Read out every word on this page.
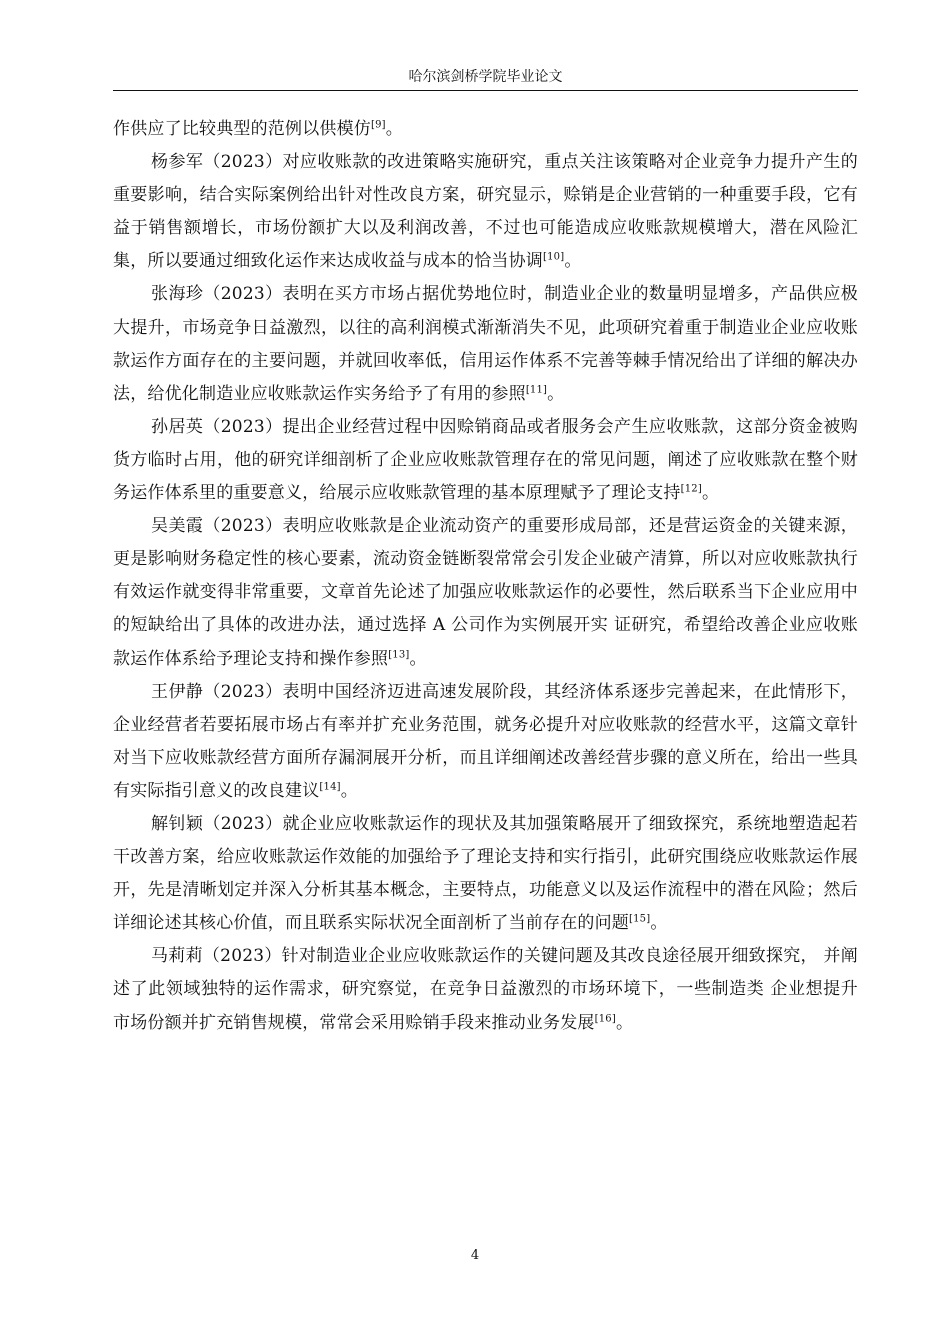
哈尔滨剑桥学院毕业论文

作供应了比较典型的范例以供模仿[9]。

杨参军（2023）对应收账款的改进策略实施研究，重点关注该策略对企业竞争力提升产生的重要影响，结合实际案例给出针对性改良方案，研究显示，赊销是企业营销的一种重要手段，它有益于销售额增长，市场份额扩大以及利润改善，不过也可能造成应收账款规模增大，潜在风险汇集，所以要通过细致化运作来达成收益与成本的恰当协调[10]。

张海珍（2023）表明在买方市场占据优势地位时，制造业企业的数量明显增多，产品供应极大提升，市场竞争日益激烈，以往的高利润模式渐渐消失不见，此项研究着重于制造业企业应收账款运作方面存在的主要问题，并就回收率低，信用运作体系不完善等棘手情况给出了详细的解决办法，给优化制造业应收账款运作实务给予了有用的参照[11]。

孙居英（2023）提出企业经营过程中因赊销商品或者服务会产生应收账款，这部分资金被购货方临时占用，他的研究详细剖析了企业应收账款管理存在的常见问题，阐述了应收账款在整个财务运作体系里的重要意义，给展示应收账款管理的基本原理赋予了理论支持[12]。

吴美霞（2023）表明应收账款是企业流动资产的重要形成局部，还是营运资金的关键来源，更是影响财务稳定性的核心要素，流动资金链断裂常常会引发企业破产清算，所以对应收账款执行有效运作就变得非常重要，文章首先论述了加强应收账款运作的必要性，然后联系当下企业应用中的短缺给出了具体的改进办法，通过选择 A 公司作为实例展开实 证研究，希望给改善企业应收账款运作体系给予理论支持和操作参照[13]。

王伊静（2023）表明中国经济迈进高速发展阶段，其经济体系逐步完善起来，在此情形下，企业经营者若要拓展市场占有率并扩充业务范围，就务必提升对应收账款的经营水平，这篇文章针对当下应收账款经营方面所存漏洞展开分析，而且详细阐述改善经营步骤的意义所在，给出一些具有实际指引意义的改良建议[14]。

解钊颖（2023）就企业应收账款运作的现状及其加强策略展开了细致探究，系统地塑造起若干改善方案，给应收账款运作效能的加强给予了理论支持和实行指引，此研究围绕应收账款运作展开，先是清晰划定并深入分析其基本概念，主要特点，功能意义以及运作流程中的潜在风险；然后详细论述其核心价值，而且联系实际状况全面剖析了当前存在的问题[15]。

马莉莉（2023）针对制造业企业应收账款运作的关键问题及其改良途径展开细致探究， 并阐述了此领域独特的运作需求，研究察觉，在竞争日益激烈的市场环境下，一些制造类 企业想提升市场份额并扩充销售规模，常常会采用赊销手段来推动业务发展[16]。

4
